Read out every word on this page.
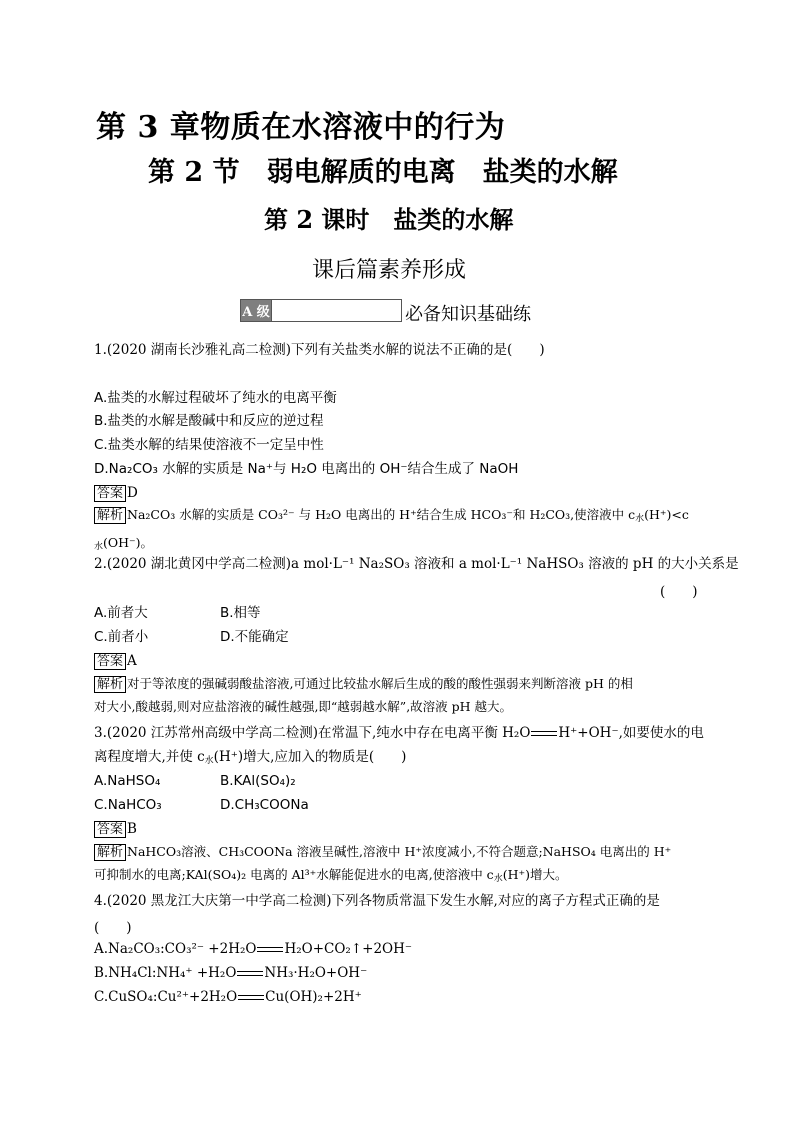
第 3 章物质在水溶液中的行为
第 2 节　弱电解质的电离　盐类的水解
第 2 课时　盐类的水解
课后篇素养形成
A 级	必备知识基础练
1.(2020 湖南长沙雅礼高二检测)下列有关盐类水解的说法不正确的是(　　)
A.盐类的水解过程破坏了纯水的电离平衡
B.盐类的水解是酸碱中和反应的逆过程
C.盐类水解的结果使溶液不一定呈中性
D.Na₂CO₃ 水解的实质是 Na⁺与 H₂O 电离出的 OH⁻结合生成了 NaOH
答案 D
解析 Na₂CO₃ 水解的实质是 CO₃²⁻ 与 H₂O 电离出的 H⁺结合生成 HCO₃⁻和 H₂CO₃,使溶液中 $c_水(H^+)<c$
$_水$(OH⁻)。
2.(2020 湖北黄冈中学高二检测)a mol·L⁻¹ Na₂SO₃ 溶液和 a mol·L⁻¹ NaHSO₃ 溶液的 pH 的大小关系是
(　　)
A.前者大	B.相等
C.前者小	D.不能确定
答案 A
解析 对于等浓度的强碱弱酸盐溶液,可通过比较盐水解后生成的酸的酸性强弱来判断溶液 pH 的相
对大小,酸越弱,则对应盐溶液的碱性越强,即“越弱越水解”,故溶液 pH 越大。
3.(2020 江苏常州高级中学高二检测)在常温下,纯水中存在电离平衡 H₂O H⁺+OH⁻,如要使水的电
离程度增大,并使 $c_水(H^+)$增大,应加入的物质是(　　)
A.NaHSO₄	B.KAl(SO₄)₂
C.NaHCO₃	D.CH₃COONa
答案 B
解析 NaHCO₃溶液、CH₃COONa 溶液呈碱性,溶液中 H⁺浓度减小,不符合题意;NaHSO₄ 电离出的 H⁺
可抑制水的电离;KAl(SO₄)₂ 电离的 Al³⁺水解能促进水的电离,使溶液中 $c_水(H^+)$增大。
4.(2020 黑龙江大庆第一中学高二检测)下列各物质常温下发生水解,对应的离子方程式正确的是
(　　)
A.Na₂CO₃:CO₃²⁻ +2H₂O H₂O+CO₂↑+2OH⁻
B.NH₄Cl:NH₄⁺ +H₂O NH₃·H₂O+OH⁻
C.CuSO₄:Cu²⁺+2H₂O Cu(OH)₂+2H⁺
